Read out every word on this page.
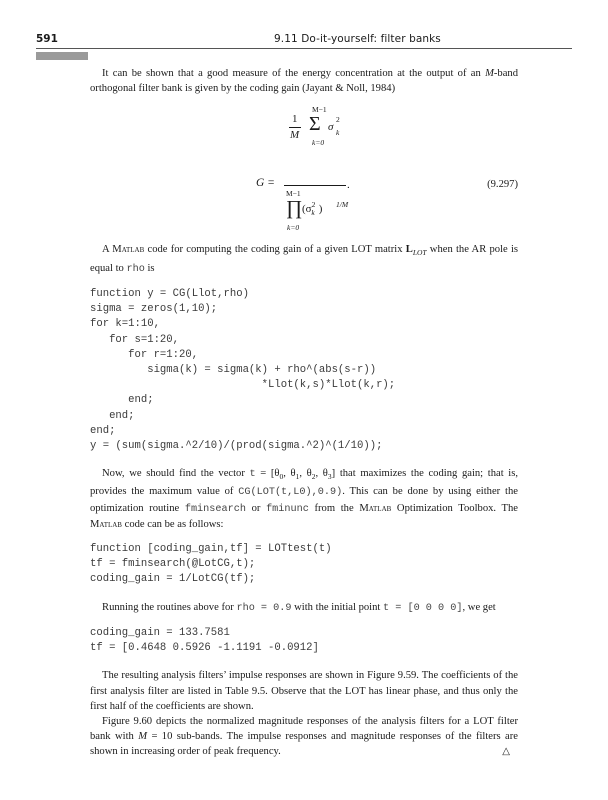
591	9.11 Do-it-yourself: filter banks

It can be shown that a good measure of the energy concentration at the output of an M-band orthogonal filter bank is given by the coding gain (Jayant & Noll, 1984)

M−1
1
M Σ σ
2
k
k=0
G =	.	(9.297)
M−1
∏ ($\sigma^2_k$ ) 1/M
k=0

A Matlab code for computing the coding gain of a given LOT matrix $L_{LOT}$ when the AR pole is equal to rho is

function y = CG(Llot,rho)
sigma = zeros(1,10);
for k=1:10,
for s=1:20,
for r=1:20,
sigma(k) = sigma(k) + rho^(abs(s-r))
*Llot(k,s)*Llot(k,r);
end;
end;
end;
y = (sum(sigma.^2/10)/(prod(sigma.^2)^(1/10));

Now, we should find the vector $t = [\theta_0$, $\theta_1$, $\theta_2$, $\theta_3$] that maximizes the coding gain; that is, provides the maximum value of CG(LOT(t,L0),0.9). This can be done by using either the optimization routine fminsearch or fminunc from the Matlab Optimization Toolbox. The Matlab code can be as follows:

function [coding_gain,tf] = LOTtest(t)
tf = fminsearch(@LotCG,t);
coding_gain = 1/LotCG(tf);

Running the routines above for rho = 0.9 with the initial point t = [0 0 0 0], we get

coding_gain = 133.7581
tf = [0.4648 0.5926 -1.1191 -0.0912]

The resulting analysis filters’ impulse responses are shown in Figure 9.59. The coefficients of the first analysis filter are listed in Table 9.5. Observe that the LOT has linear phase, and thus only the first half of the coefficients are shown.

Figure 9.60 depicts the normalized magnitude responses of the analysis filters for a LOT filter bank with M = 10 sub-bands. The impulse responses and magnitude responses of the filters are shown in increasing order of peak frequency.	△
